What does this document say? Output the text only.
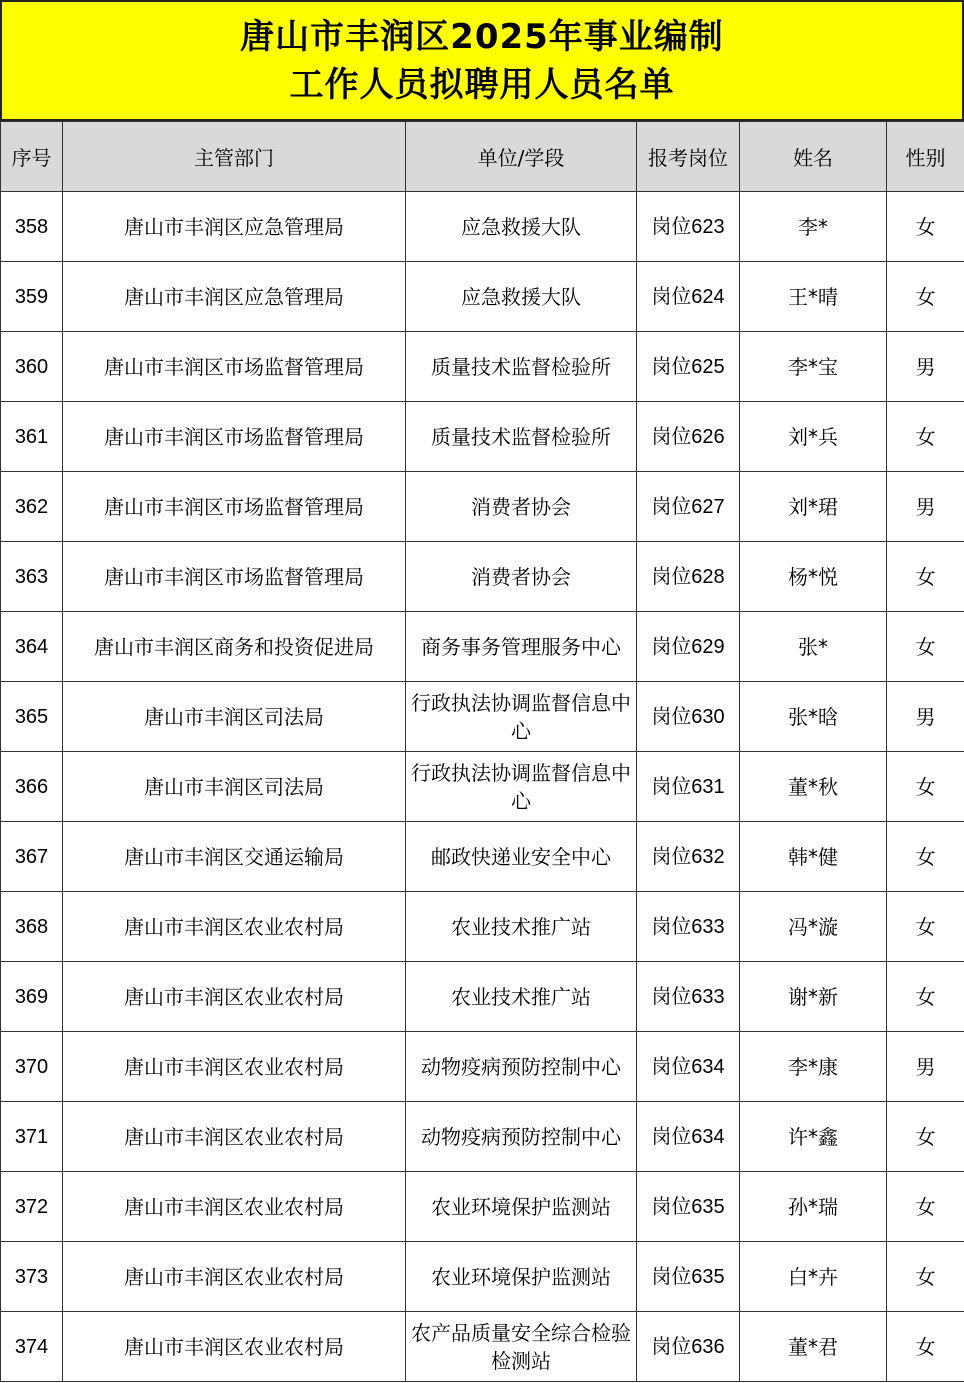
唐山市丰润区2025年事业编制
工作人员拟聘用人员名单
序号	主管部门	单位/学段	报考岗位	姓名	性别
358	唐山市丰润区应急管理局	应急救援大队	岗位623	李*	女
359	唐山市丰润区应急管理局	应急救援大队	岗位624	王*晴	女
360	唐山市丰润区市场监督管理局	质量技术监督检验所	岗位625	李*宝	男
361	唐山市丰润区市场监督管理局	质量技术监督检验所	岗位626	刘*兵	女
362	唐山市丰润区市场监督管理局	消费者协会	岗位627	刘*珺	男
363	唐山市丰润区市场监督管理局	消费者协会	岗位628	杨*悦	女
364	唐山市丰润区商务和投资促进局	商务事务管理服务中心	岗位629	张*	女
365	唐山市丰润区司法局	行政执法协调监督信息中心	岗位630	张*晗	男
366	唐山市丰润区司法局	行政执法协调监督信息中心	岗位631	董*秋	女
367	唐山市丰润区交通运输局	邮政快递业安全中心	岗位632	韩*健	女
368	唐山市丰润区农业农村局	农业技术推广站	岗位633	冯*漩	女
369	唐山市丰润区农业农村局	农业技术推广站	岗位633	谢*新	女
370	唐山市丰润区农业农村局	动物疫病预防控制中心	岗位634	李*康	男
371	唐山市丰润区农业农村局	动物疫病预防控制中心	岗位634	许*鑫	女
372	唐山市丰润区农业农村局	农业环境保护监测站	岗位635	孙*瑞	女
373	唐山市丰润区农业农村局	农业环境保护监测站	岗位635	白*卉	女
374	唐山市丰润区农业农村局	农产品质量安全综合检验检测站	岗位636	董*君	女
